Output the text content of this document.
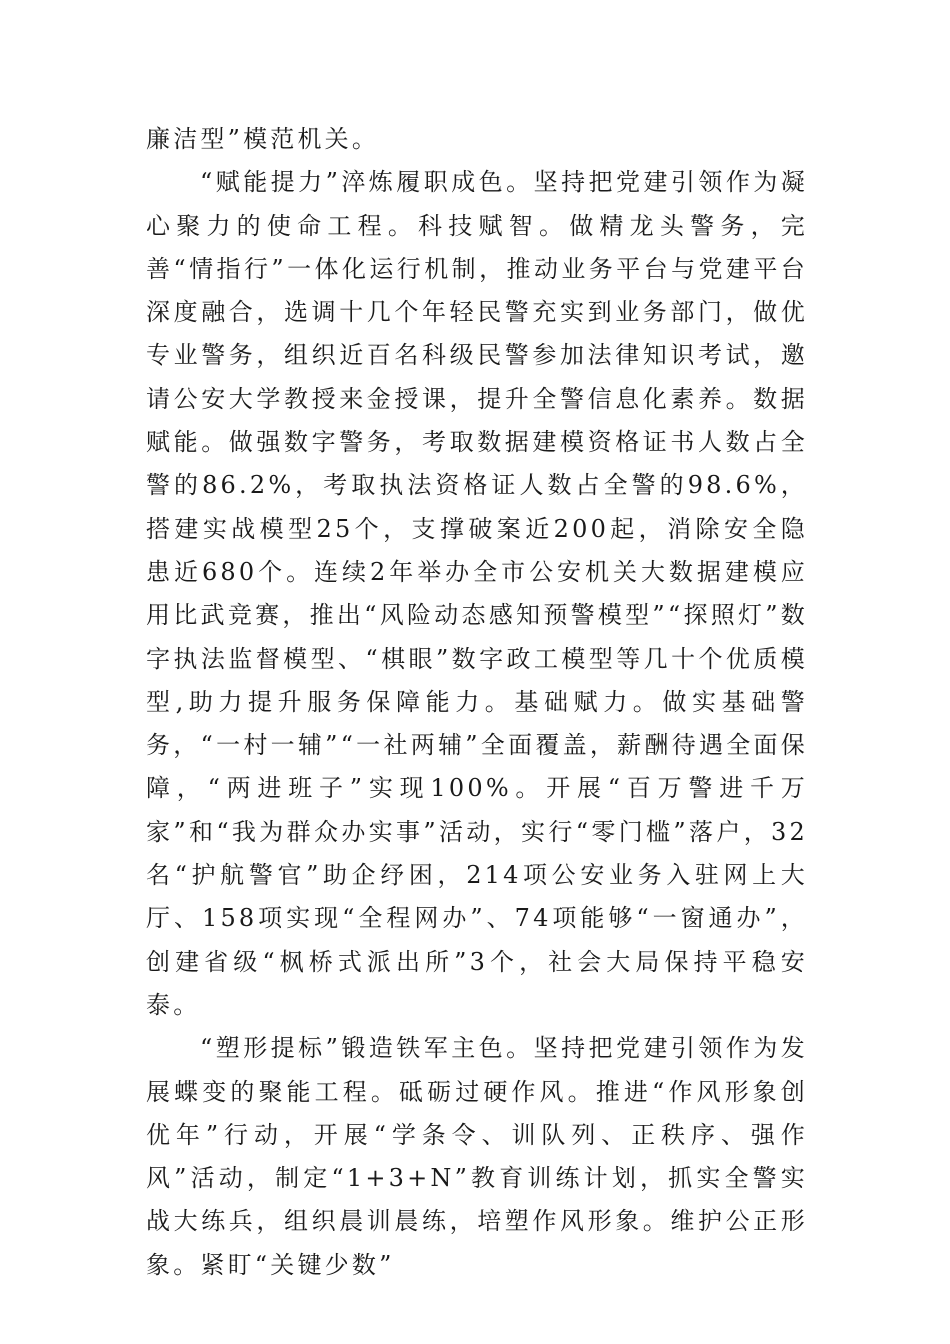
廉洁型”模范机关。

“赋能提力”淬炼履职成色。坚持把党建引领作为凝心聚力的使命工程。科技赋智。做精龙头警务，完善“情指行”一体化运行机制，推动业务平台与党建平台深度融合，选调十几个年轻民警充实到业务部门，做优专业警务，组织近百名科级民警参加法律知识考试，邀请公安大学教授来金授课，提升全警信息化素养。数据赋能。做强数字警务，考取数据建模资格证书人数占全警的86.2%，考取执法资格证人数占全警的98.6%，搭建实战模型25个，支撑破案近200起，消除安全隐患近680个。连续2年举办全市公安机关大数据建模应用比武竞赛，推出“风险动态感知预警模型”“探照灯”数字执法监督模型、“棋眼”数字政工模型等几十个优质模型,助力提升服务保障能力。基础赋力。做实基础警务，“一村一辅”“一社两辅”全面覆盖，薪酬待遇全面保障，“两进班子”实现100%。开展“百万警进千万家”和“我为群众办实事”活动，实行“零门槛”落户，32名“护航警官”助企纾困，214项公安业务入驻网上大厅、158项实现“全程网办”、74项能够“一窗通办”，创建省级“枫桥式派出所”3个，社会大局保持平稳安泰。

“塑形提标”锻造铁军主色。坚持把党建引领作为发展蝶变的聚能工程。砥砺过硬作风。推进“作风形象创优年”行动，开展“学条令、训队列、正秩序、强作风”活动，制定“1+3+N”教育训练计划，抓实全警实战大练兵，组织晨训晨练，培塑作风形象。维护公正形象。紧盯“关键少数”
